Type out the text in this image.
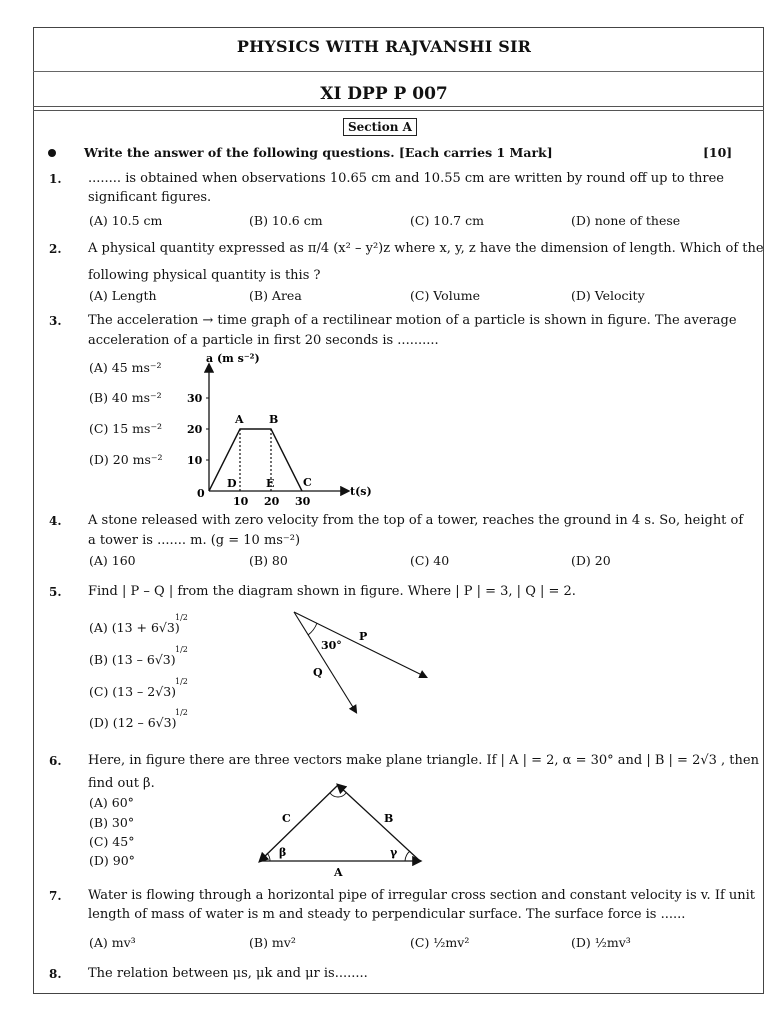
PHYSICS WITH RAJVANSHI SIR
XI DPP P 007
Section A
Write the answer of the following questions. [Each carries 1 Mark]	[10]
1. ........ is obtained when observations 10.65 cm and 10.55 cm are written by round off up to three
significant figures.
(A) 10.5 cm	(B) 10.6 cm	(C) 10.7 cm	(D) none of these
2. A physical quantity expressed as π/4 (x² – y²)z where x, y, z have the dimension of length. Which of the
following physical quantity is this ?
(A) Length	(B) Area	(C) Volume	(D) Velocity
3. The acceleration → time graph of a rectilinear motion of a particle is shown in figure. The average
acceleration of a particle in first 20 seconds is ..........
(A) 45 ms⁻²
(B) 40 ms⁻²
(C) 15 ms⁻²
(D) 20 ms⁻²
a (m s⁻²)
t(s)
0
10
20
30
10 20 30
A B
C
D	E
4. A stone released with zero velocity from the top of a tower, reaches the ground in 4 s. So, height of
a tower is ....... m. (g = 10 ms⁻²)
(A) 160	(B) 80	(C) 40	(D) 20
5. Find | P – Q | from the diagram shown in figure. Where | P | = 3, | Q | = 2.
(A) (13 + 6√3)
(B) (13 – 6√3)
(C) (13 – 2√3)
(D) (12 – 6√3)
1/2
1/2
1/2
1/2
30°
P
Q
6. Here, in figure there are three vectors make plane triangle. If | A | = 2, α = 30° and | B | = 2√3 , then
find out β.
(A) 60°
(B) 30°
(C) 45°
(D) 90°
β	γ
C	B
A
7. Water is flowing through a horizontal pipe of irregular cross section and constant velocity is v. If unit
length of mass of water is m and steady to perpendicular surface. The surface force is ......
(A) mv³	(B) mv²	(C) ½mv²	(D) ½mv³
8. The relation between μs, μk and μr is........
